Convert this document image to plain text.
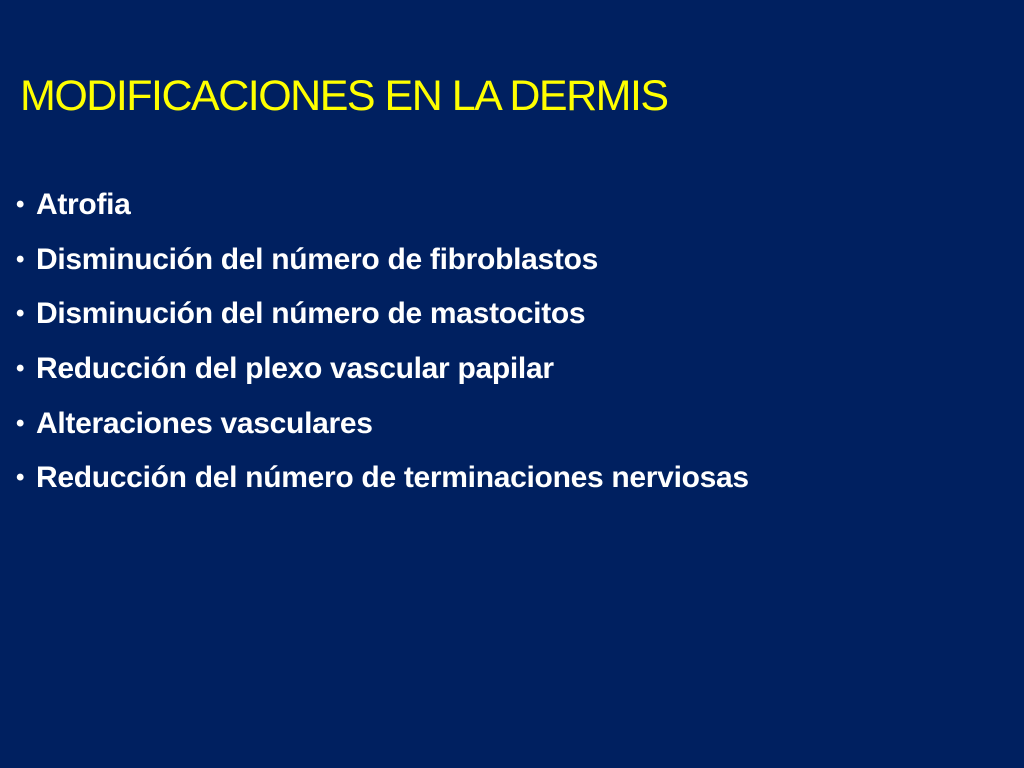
MODIFICACIONES EN LA DERMIS
• Atrofia
• Disminución del número de fibroblastos
• Disminución del número de mastocitos
• Reducción del plexo vascular papilar
• Alteraciones vasculares
• Reducción del número de terminaciones nerviosas
